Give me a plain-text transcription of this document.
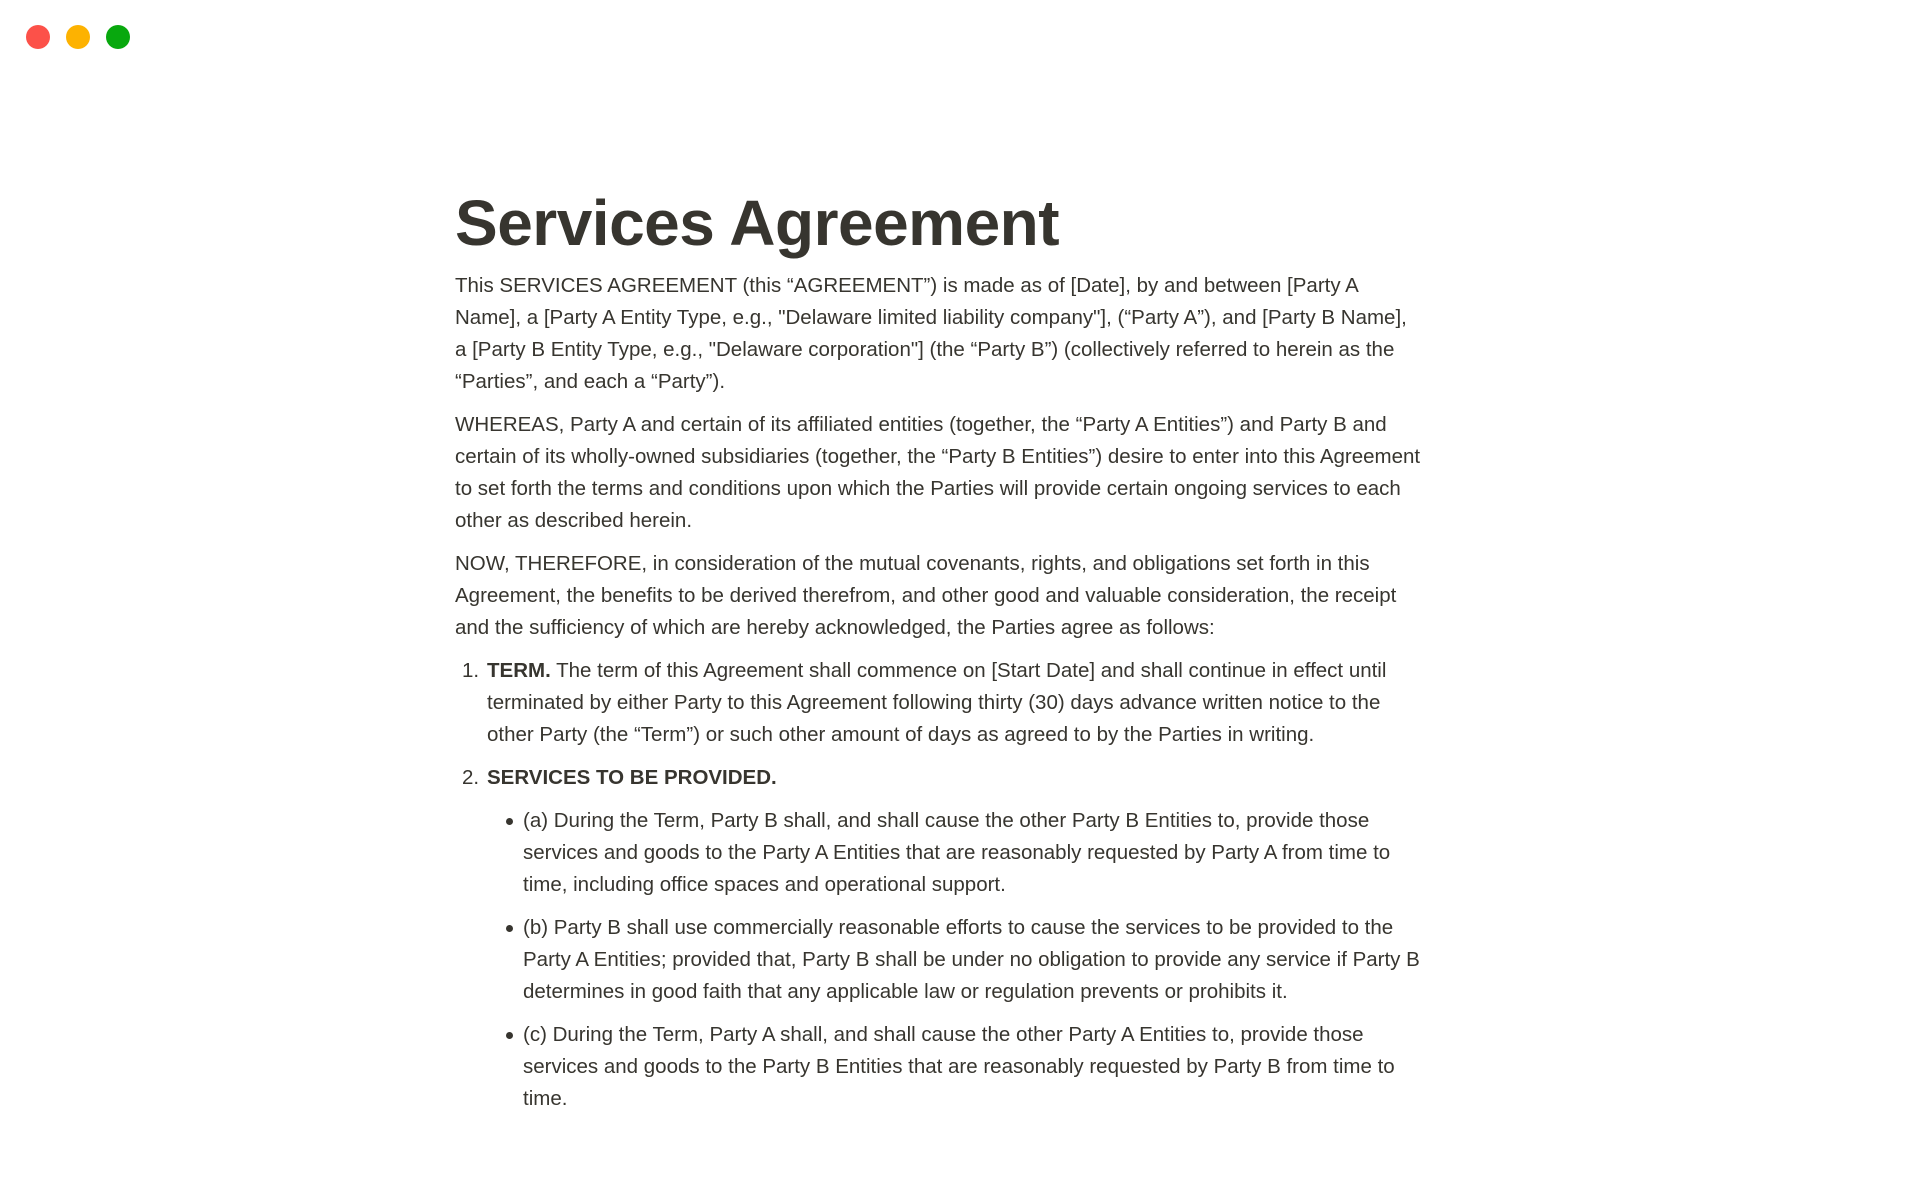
Services Agreement

This SERVICES AGREEMENT (this “AGREEMENT”) is made as of [Date], by and between [Party A Name], a [Party A Entity Type, e.g., "Delaware limited liability company"], (“Party A”), and [Party B Name], a [Party B Entity Type, e.g., "Delaware corporation"] (the “Party B”) (collectively referred to herein as the “Parties”, and each a “Party”).

WHEREAS, Party A and certain of its affiliated entities (together, the “Party A Entities”) and Party B and certain of its wholly-owned subsidiaries (together, the “Party B Entities”) desire to enter into this Agreement to set forth the terms and conditions upon which the Parties will provide certain ongoing services to each other as described herein.

NOW, THEREFORE, in consideration of the mutual covenants, rights, and obligations set forth in this Agreement, the benefits to be derived therefrom, and other good and valuable consideration, the receipt and the sufficiency of which are hereby acknowledged, the Parties agree as follows:

1. TERM. The term of this Agreement shall commence on [Start Date] and shall continue in effect until terminated by either Party to this Agreement following thirty (30) days advance written notice to the other Party (the “Term”) or such other amount of days as agreed to by the Parties in writing.
2. SERVICES TO BE PROVIDED.
(a) During the Term, Party B shall, and shall cause the other Party B Entities to, provide those services and goods to the Party A Entities that are reasonably requested by Party A from time to time, including office spaces and operational support.
(b) Party B shall use commercially reasonable efforts to cause the services to be provided to the Party A Entities; provided that, Party B shall be under no obligation to provide any service if Party B determines in good faith that any applicable law or regulation prevents or prohibits it.
(c) During the Term, Party A shall, and shall cause the other Party A Entities to, provide those services and goods to the Party B Entities that are reasonably requested by Party B from time to time.
